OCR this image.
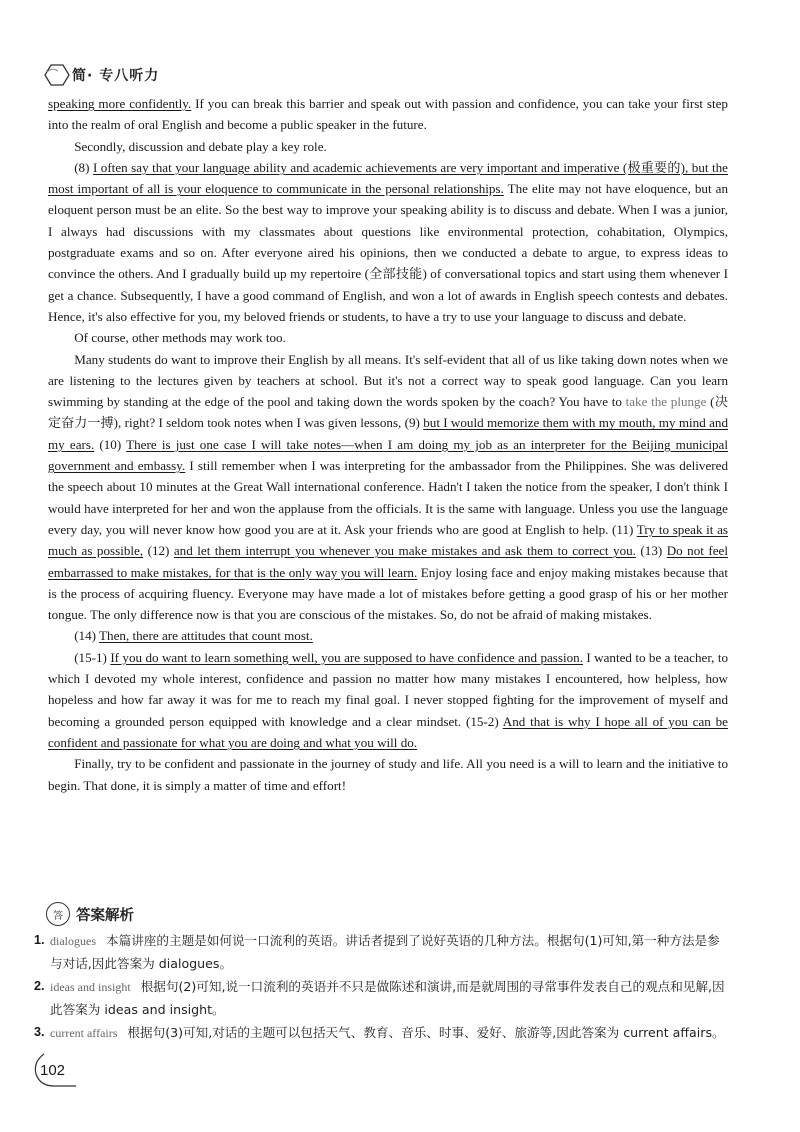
简 · 专八听力

speaking more confidently. If you can break this barrier and speak out with passion and confidence, you can take your first step into the realm of oral English and become a public speaker in the future.

Secondly, discussion and debate play a key role.

(8) I often say that your language ability and academic achievements are very important and imperative (极重要的), but the most important of all is your eloquence to communicate in the personal relationships. The elite may not have eloquence, but an eloquent person must be an elite. So the best way to improve your speaking ability is to discuss and debate. When I was a junior, I always had discussions with my classmates about questions like environmental protection, cohabitation, Olympics, postgraduate exams and so on. After everyone aired his opinions, then we conducted a debate to argue, to express ideas to convince the others. And I gradually build up my repertoire (全部技能) of conversational topics and start using them whenever I get a chance. Subsequently, I have a good command of English, and won a lot of awards in English speech contests and debates. Hence, it's also effective for you, my beloved friends or students, to have a try to use your language to discuss and debate.

Of course, other methods may work too.

Many students do want to improve their English by all means. It's self-evident that all of us like taking down notes when we are listening to the lectures given by teachers at school. But it's not a correct way to speak good language. Can you learn swimming by standing at the edge of the pool and taking down the words spoken by the coach? You have to take the plunge (决定奋力一搏), right? I seldom took notes when I was given lessons, (9) but I would memorize them with my mouth, my mind and my ears. (10) There is just one case I will take notes—when I am doing my job as an interpreter for the Beijing municipal government and embassy. I still remember when I was interpreting for the ambassador from the Philippines. She was delivered the speech about 10 minutes at the Great Wall international conference. Hadn't I taken the notice from the speaker, I don't think I would have interpreted for her and won the applause from the officials. It is the same with language. Unless you use the language every day, you will never know how good you are at it. Ask your friends who are good at English to help. (11) Try to speak it as much as possible, (12) and let them interrupt you whenever you make mistakes and ask them to correct you. (13) Do not feel embarrassed to make mistakes, for that is the only way you will learn. Enjoy losing face and enjoy making mistakes because that is the process of acquiring fluency. Everyone may have made a lot of mistakes before getting a good grasp of his or her mother tongue. The only difference now is that you are conscious of the mistakes. So, do not be afraid of making mistakes.

(14) Then, there are attitudes that count most.

(15-1) If you do want to learn something well, you are supposed to have confidence and passion. I wanted to be a teacher, to which I devoted my whole interest, confidence and passion no matter how many mistakes I encountered, how helpless, how hopeless and how far away it was for me to reach my final goal. I never stopped fighting for the improvement of myself and becoming a grounded person equipped with knowledge and a clear mindset. (15-2) And that is why I hope all of you can be confident and passionate for what you are doing and what you will do.

Finally, try to be confident and passionate in the journey of study and life. All you need is a will to learn and the initiative to begin. That done, it is simply a matter of time and effort!

答 答案解析
1. dialogues 本篇讲座的主题是如何说一口流利的英语。讲话者提到了说好英语的几种方法。根据句(1)可知,第一种方法是参与对话,因此答案为 dialogues。
2. ideas and insight 根据句(2)可知,说一口流利的英语并不只是做陈述和演讲,而是就周围的寻常事件发表自己的观点和见解,因此答案为 ideas and insight。
3. current affairs 根据句(3)可知,对话的主题可以包括天气、教育、音乐、时事、爱好、旅游等,因此答案为 current affairs。
102
